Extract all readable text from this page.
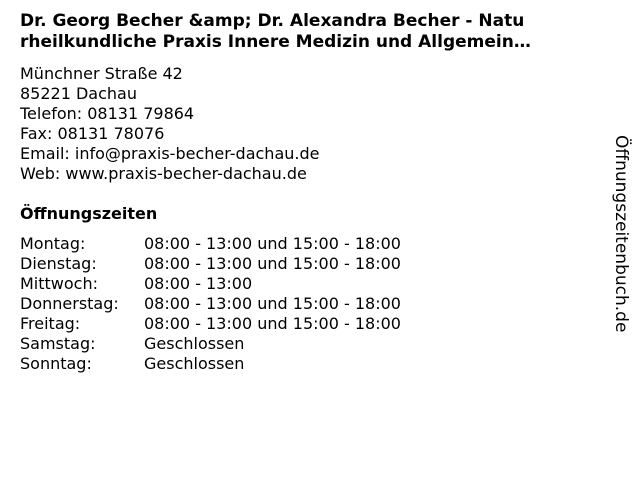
Dr. Georg Becher &amp; Dr. Alexandra Becher - Natu
rheilkundliche Praxis Innere Medizin und Allgemein…
Münchner Straße 42
85221 Dachau
Telefon: 08131 79864
Fax: 08131 78076
Email: info@praxis-becher-dachau.de
Web: www.praxis-becher-dachau.de
Öffnungszeiten
Montag:	08:00 - 13:00 und 15:00 - 18:00
Dienstag:	08:00 - 13:00 und 15:00 - 18:00
Mittwoch:	08:00 - 13:00
Donnerstag:	08:00 - 13:00 und 15:00 - 18:00
Freitag:	08:00 - 13:00 und 15:00 - 18:00
Samstag:	Geschlossen
Sonntag:	Geschlossen
Öffnungszeitenbuch.de
